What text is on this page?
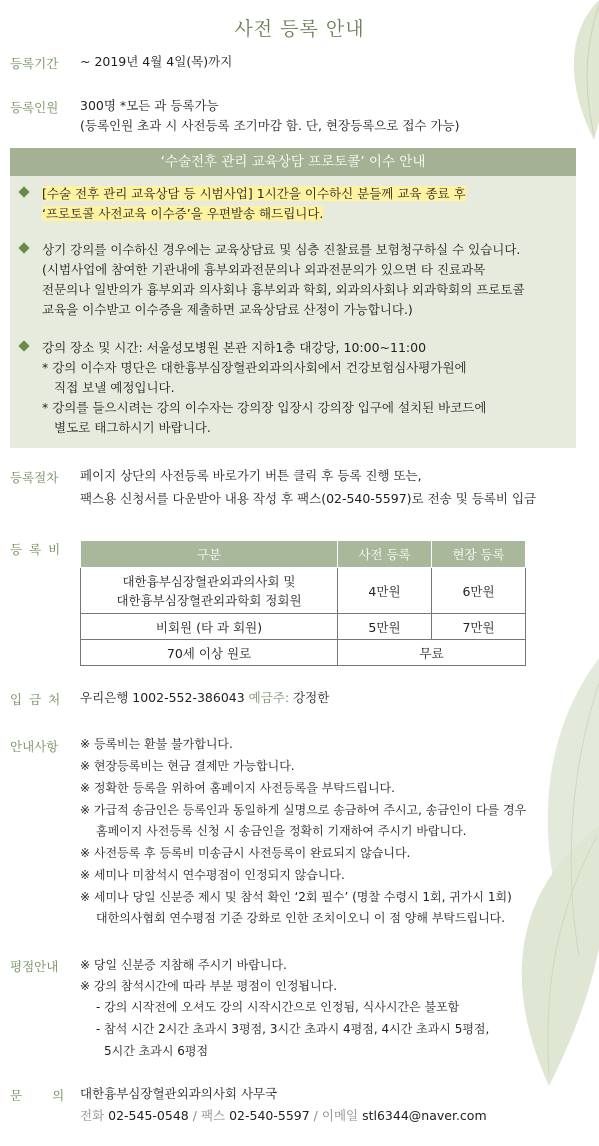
사전 등록 안내
등록기간 ~ 2019년 4월 4일(목)까지
등록인원 300명 *모든 과 등록가능
(등록인원 초과 시 사전등록 조기마감 함. 단, 현장등록으로 접수 가능)
‘수술전후 관리 교육상담 프로토콜’ 이수 안내
[수술 전후 관리 교육상담 등 시범사업] 1시간을 이수하신 분들께 교육 종료 후
‘프로토콜 사전교육 이수증’을 우편발송 해드립니다.
상기 강의를 이수하신 경우에는 교육상담료 및 심층 진찰료를 보험청구하실 수 있습니다.
(시범사업에 참여한 기관내에 흉부외과전문의나 외과전문의가 있으면 타 진료과목
전문의나 일반의가 흉부외과 의사회나 흉부외과 학회, 외과의사회나 외과학회의 프로토콜
교육을 이수받고 이수증을 제출하면 교육상담료 산정이 가능합니다.)
강의 장소 및 시간: 서울성모병원 본관 지하1층 대강당, 10:00~11:00
* 강의 이수자 명단은 대한흉부심장혈관외과의사회에서 건강보험심사평가원에
직접 보낼 예정입니다.
* 강의를 들으시려는 강의 이수자는 강의장 입장시 강의장 입구에 설치된 바코드에
별도로 태그하시기 바랍니다.
등록절차 페이지 상단의 사전등록 바로가기 버튼 클릭 후 등록 진행 또는,
팩스용 신청서를 다운받아 내용 작성 후 팩스(02-540-5597)로 전송 및 등록비 입금
등록비	구분	사전 등록	현장 등록

대한흉부심장혈관외과의사회 및
대한흉부심장혈관외과학회 정회원	4만원	6만원
비회원 (타 과 회원)	5만원	7만원
70세 이상 원로	무료	
입금처 우리은행 1002-552-386043 예금주: 강정한
안내사항 ※ 등록비는 환불 불가합니다.
※ 현장등록비는 현금 결제만 가능합니다.
※ 정확한 등록을 위하여 홈페이지 사전등록을 부탁드립니다.
※ 가급적 송금인은 등록인과 동일하게 실명으로 송금하여 주시고, 송금인이 다를 경우
홈페이지 사전등록 신청 시 송금인을 정확히 기재하여 주시기 바랍니다.
※ 사전등록 후 등록비 미송금시 사전등록이 완료되지 않습니다.
※ 세미나 미참석시 연수평점이 인정되지 않습니다.
※ 세미나 당일 신분증 제시 및 참석 확인 ‘2회 필수’ (명찰 수령시 1회, 귀가시 1회)
대한의사협회 연수평점 기준 강화로 인한 조치이오니 이 점 양해 부탁드립니다.
평점안내 ※ 당일 신분증 지참해 주시기 바랍니다.
※ 강의 참석시간에 따라 부분 평점이 인정됩니다.
- 강의 시작전에 오셔도 강의 시작시간으로 인정됨, 식사시간은 불포함
- 참석 시간 2시간 초과시 3평점, 3시간 초과시 4평점, 4시간 초과시 5평점,
5시간 초과시 6평점
문의
대한흉부심장혈관외과의사회 사무국
전화 02-545-0548 / 팩스 02-540-5597 / 이메일 stl6344@naver.com
